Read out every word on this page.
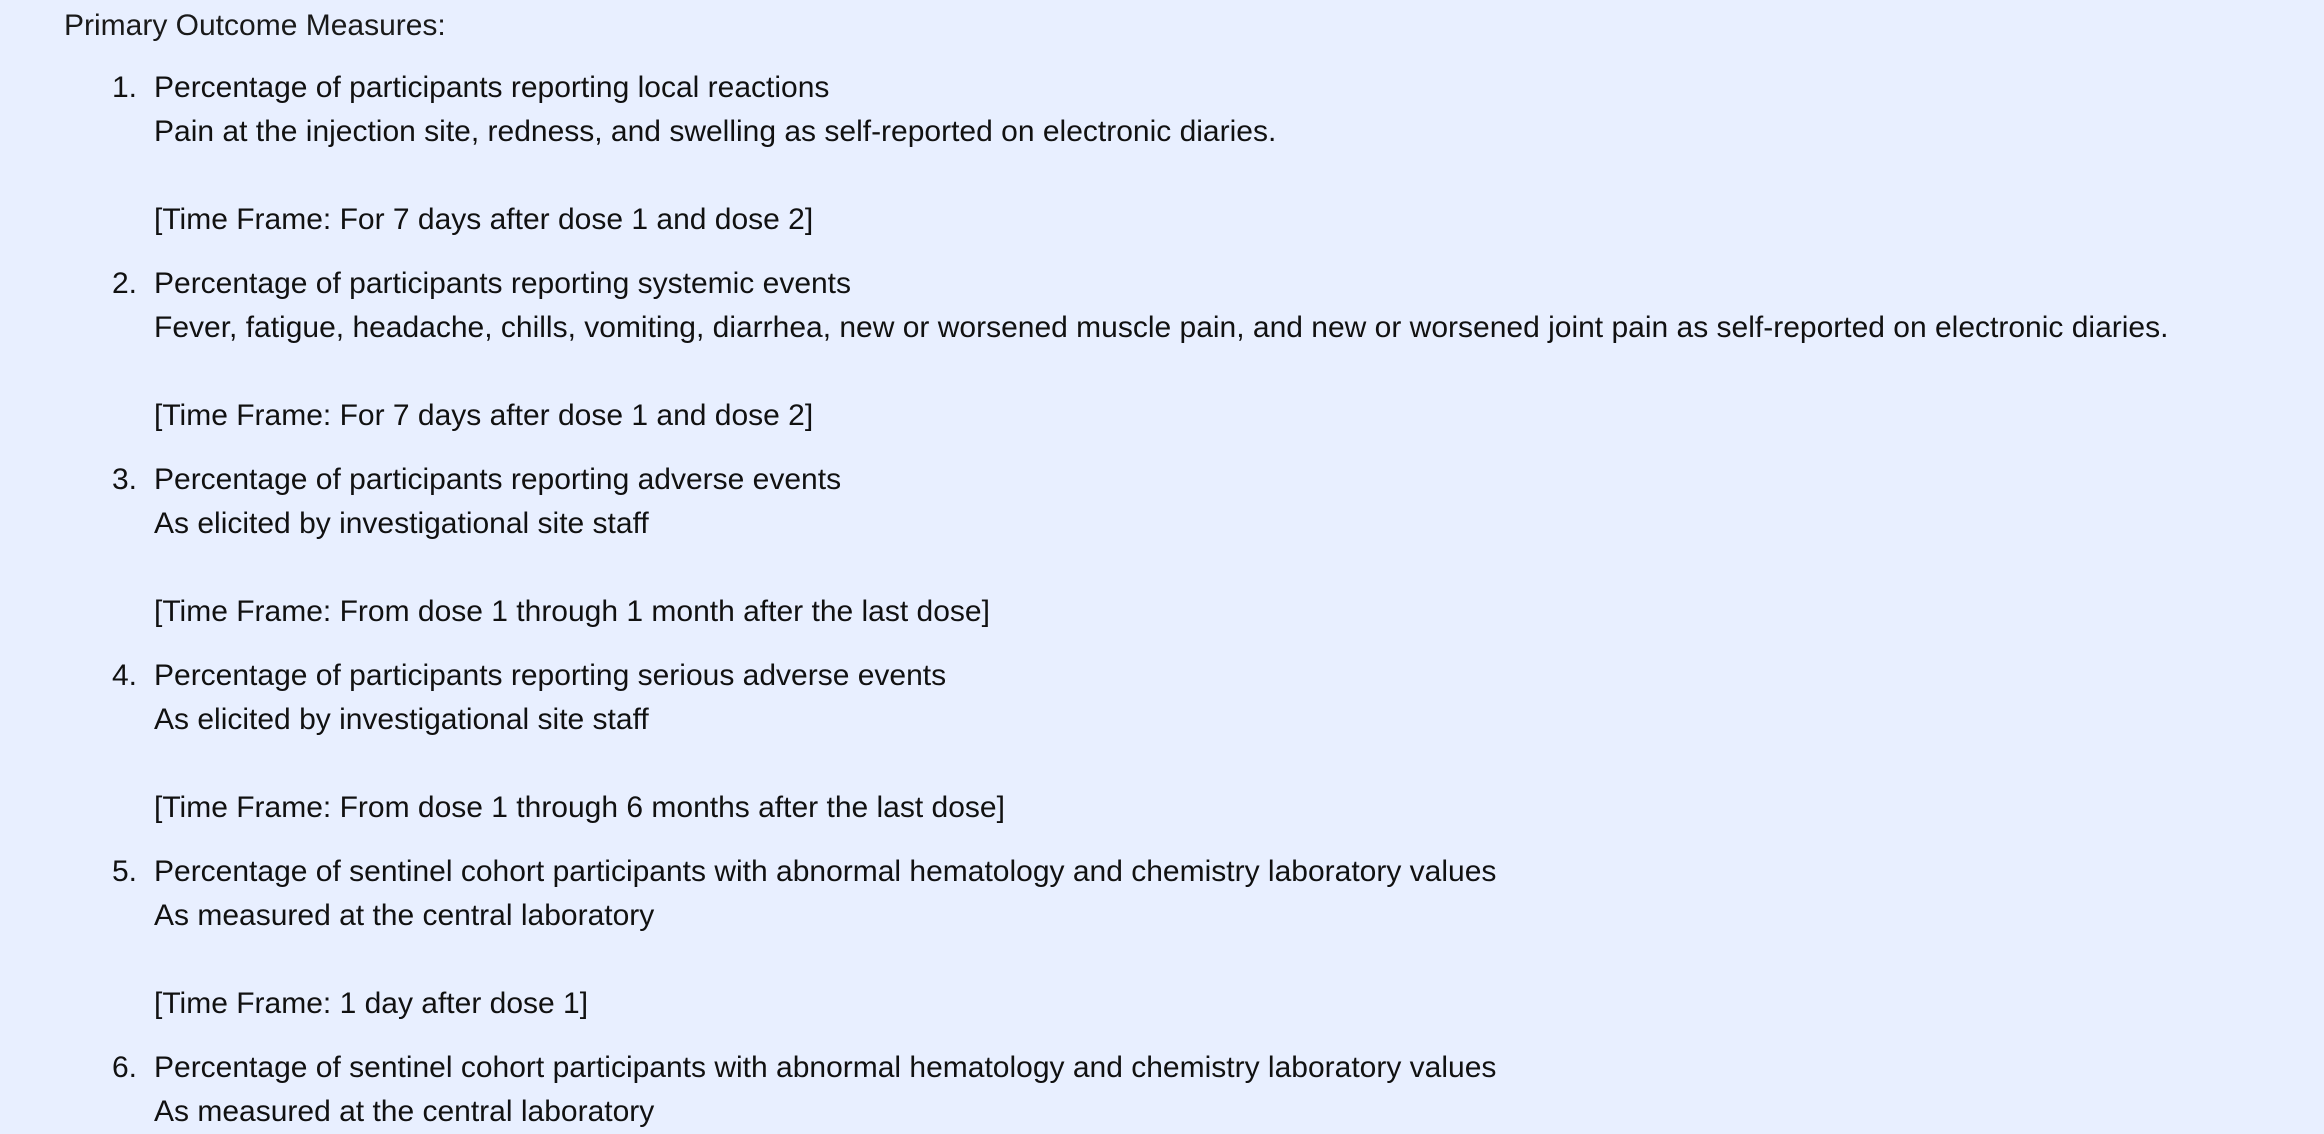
Primary Outcome Measures:
1. Percentage of participants reporting local reactions
Pain at the injection site, redness, and swelling as self-reported on electronic diaries.
[Time Frame: For 7 days after dose 1 and dose 2]
2. Percentage of participants reporting systemic events
Fever, fatigue, headache, chills, vomiting, diarrhea, new or worsened muscle pain, and new or worsened joint pain as self-reported on electronic diaries.
[Time Frame: For 7 days after dose 1 and dose 2]
3. Percentage of participants reporting adverse events
As elicited by investigational site staff
[Time Frame: From dose 1 through 1 month after the last dose]
4. Percentage of participants reporting serious adverse events
As elicited by investigational site staff
[Time Frame: From dose 1 through 6 months after the last dose]
5. Percentage of sentinel cohort participants with abnormal hematology and chemistry laboratory values
As measured at the central laboratory
[Time Frame: 1 day after dose 1]
6. Percentage of sentinel cohort participants with abnormal hematology and chemistry laboratory values
As measured at the central laboratory
